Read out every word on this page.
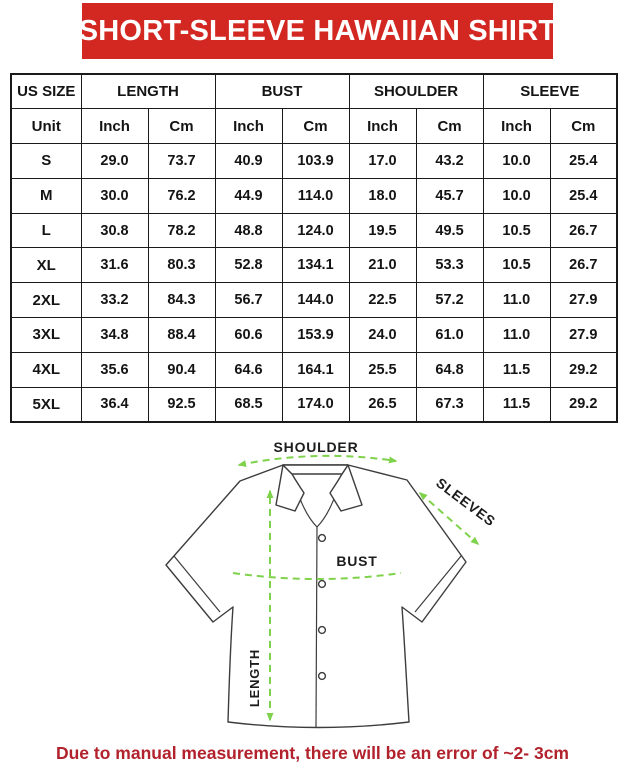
SHORT-SLEEVE HAWAIIAN SHIRT
US SIZE	LENGTH		BUST		SHOULDER		SLEEVE	
Unit	Inch	Cm	Inch	Cm	Inch	Cm	Inch	Cm
S	29.0	73.7	40.9	103.9	17.0	43.2	10.0	25.4
M	30.0	76.2	44.9	114.0	18.0	45.7	10.0	25.4
L	30.8	78.2	48.8	124.0	19.5	49.5	10.5	26.7
XL	31.6	80.3	52.8	134.1	21.0	53.3	10.5	26.7
2XL	33.2	84.3	56.7	144.0	22.5	57.2	11.0	27.9
3XL	34.8	88.4	60.6	153.9	24.0	61.0	11.0	27.9
4XL	35.6	90.4	64.6	164.1	25.5	64.8	11.5	29.2
5XL	36.4	92.5	68.5	174.0	26.5	67.3	11.5	29.2
SHOULDER
SLEEVES
BUST
LENGTH
Due to manual measurement, there will be an error of ~2- 3cm
